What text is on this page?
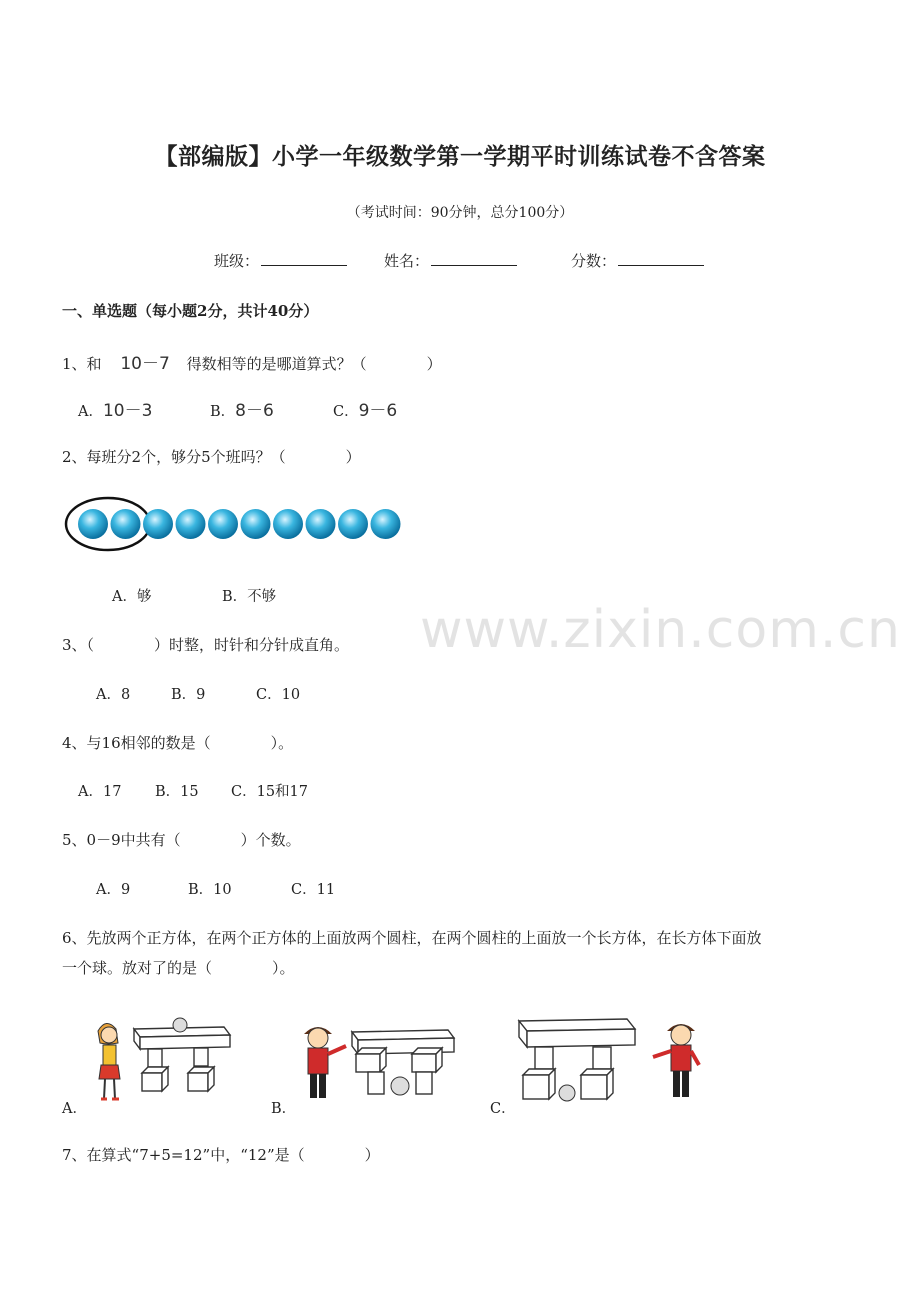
【部编版】小学一年级数学第一学期平时训练试卷不含答案
（考试时间：90分钟，总分100分）
班级：	姓名：	分数：
一、单选题（每小题2分，共计40分）
www.zixin.com.cn
1、和 10－7 得数相等的是哪道算式？（　　　　）
A．10－3	B．8－6	C．9－6
2、每班分2个，够分5个班吗？（　　　　）
A．够	B．不够
3、（　　　　）时整，时针和分针成直角。
A．8	B．9	C．10
4、与16相邻的数是（　　　　）。
A．17 B．15 C．15和17
5、0－9中共有（　　　　）个数。
A．9	B．10	C．11
6、先放两个正方体，在两个正方体的上面放两个圆柱，在两个圆柱的上面放一个长方体，在长方体下面放
一个球。放对了的是（　　　　）。
A．	B．	C．
7、在算式“7+5=12”中，“12”是（　　　　）
